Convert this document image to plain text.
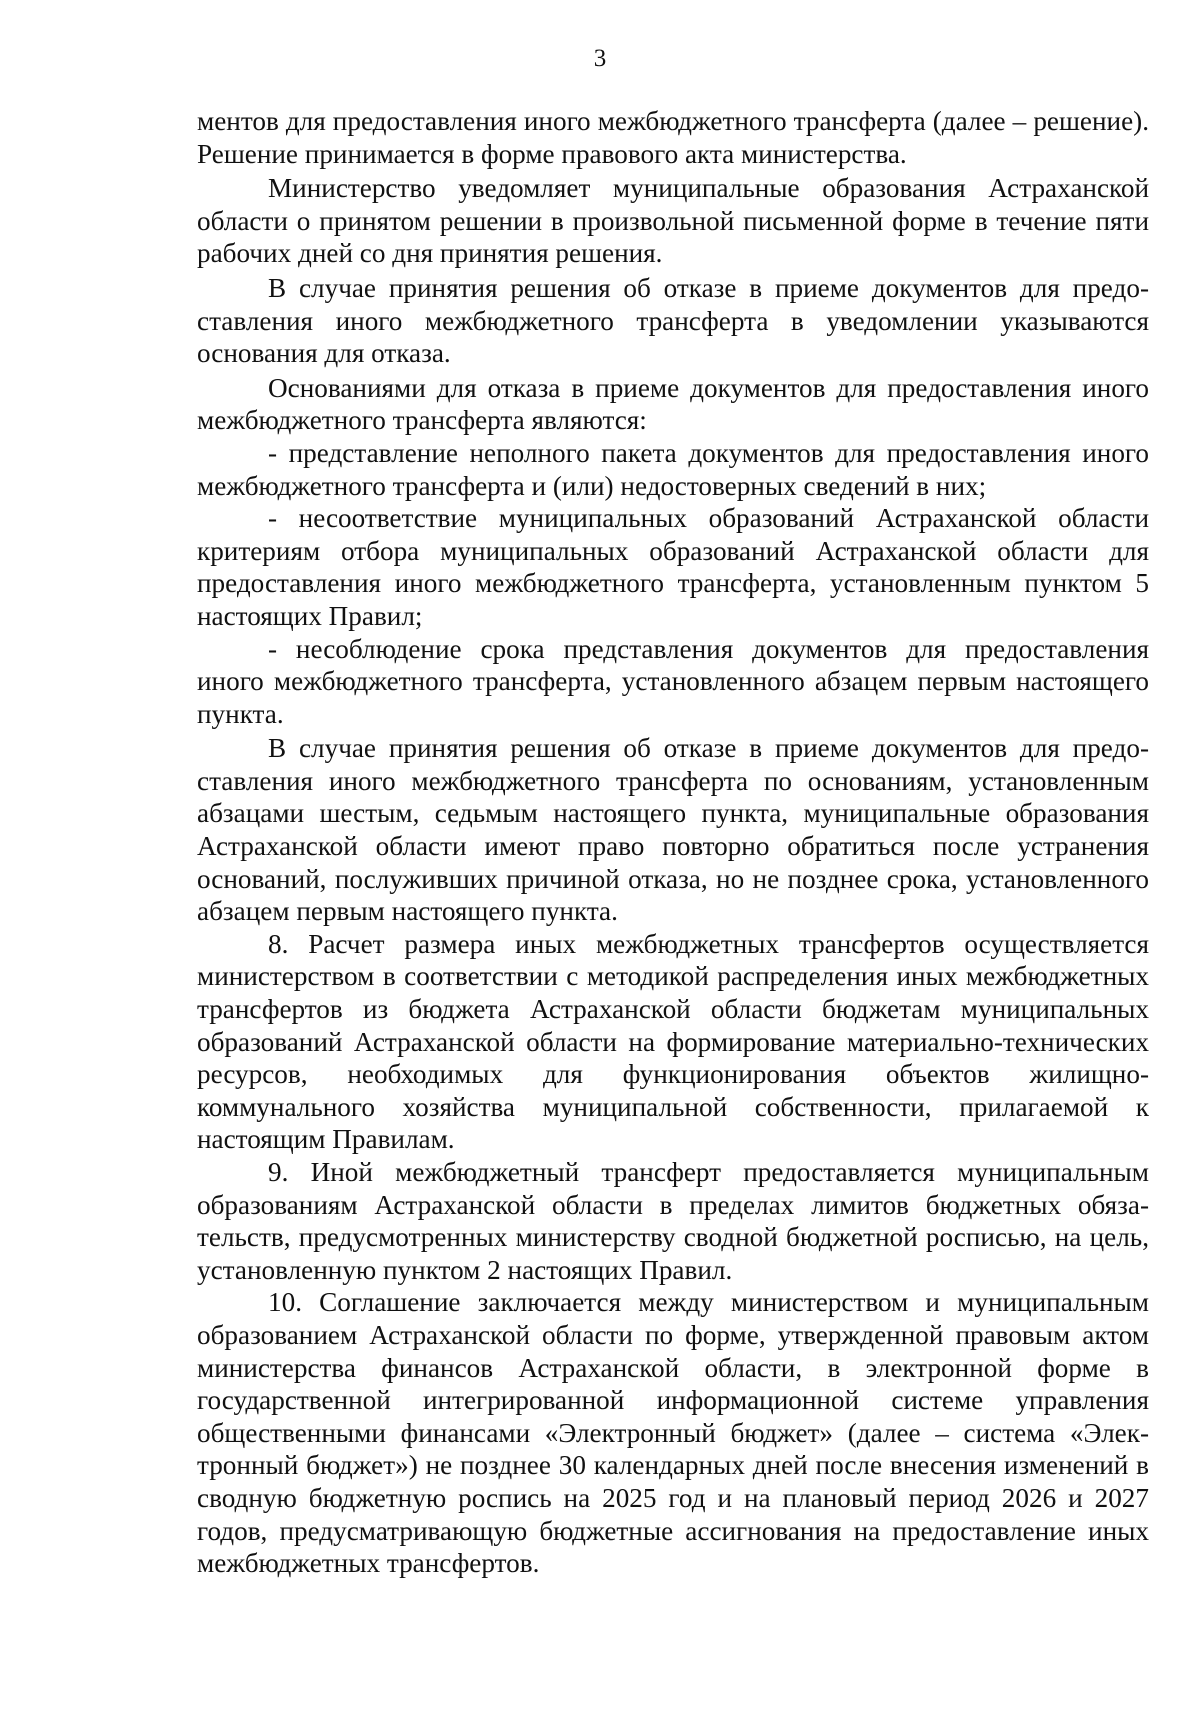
3

ментов для предоставления иного межбюджетного трансферта (далее – решение). Решение принимается в форме правового акта министерства.

Министерство уведомляет муниципальные образования Астраханской области о принятом решении в произвольной письменной форме в течение пяти рабочих дней со дня принятия решения.

В случае принятия решения об отказе в приеме документов для предоставления иного межбюджетного трансферта в уведомлении указываются основания для отказа.

Основаниями для отказа в приеме документов для предоставления иного межбюджетного трансферта являются:

- представление неполного пакета документов для предоставления иного межбюджетного трансферта и (или) недостоверных сведений в них;

- несоответствие муниципальных образований Астраханской области критериям отбора муниципальных образований Астраханской области для предоставления иного межбюджетного трансферта, установленным пунктом 5 настоящих Правил;

- несоблюдение срока представления документов для предоставления иного межбюджетного трансферта, установленного абзацем первым настоящего пункта.

В случае принятия решения об отказе в приеме документов для предоставления иного межбюджетного трансферта по основаниям, установленным абзацами шестым, седьмым настоящего пункта, муниципальные образования Астраханской области имеют право повторно обратиться после устранения оснований, послуживших причиной отказа, но не позднее срока, установленного абзацем первым настоящего пункта.

8. Расчет размера иных межбюджетных трансфертов осуществляется министерством в соответствии с методикой распределения иных межбюджетных трансфертов из бюджета Астраханской области бюджетам муниципальных образований Астраханской области на формирование материально-технических ресурсов, необходимых для функционирования объектов жилищно-коммунального хозяйства муниципальной собственности, прилагаемой к настоящим Правилам.

9. Иной межбюджетный трансферт предоставляется муниципальным образованиям Астраханской области в пределах лимитов бюджетных обязательств, предусмотренных министерству сводной бюджетной росписью, на цель, установленную пунктом 2 настоящих Правил.

10. Соглашение заключается между министерством и муниципальным образованием Астраханской области по форме, утвержденной правовым актом министерства финансов Астраханской области, в электронной форме в государственной интегрированной информационной системе управления общественными финансами «Электронный бюджет» (далее – система «Электронный бюджет») не позднее 30 календарных дней после внесения изменений в сводную бюджетную роспись на 2025 год и на плановый период 2026 и 2027 годов, предусматривающую бюджетные ассигнования на предоставление иных межбюджетных трансфертов.
